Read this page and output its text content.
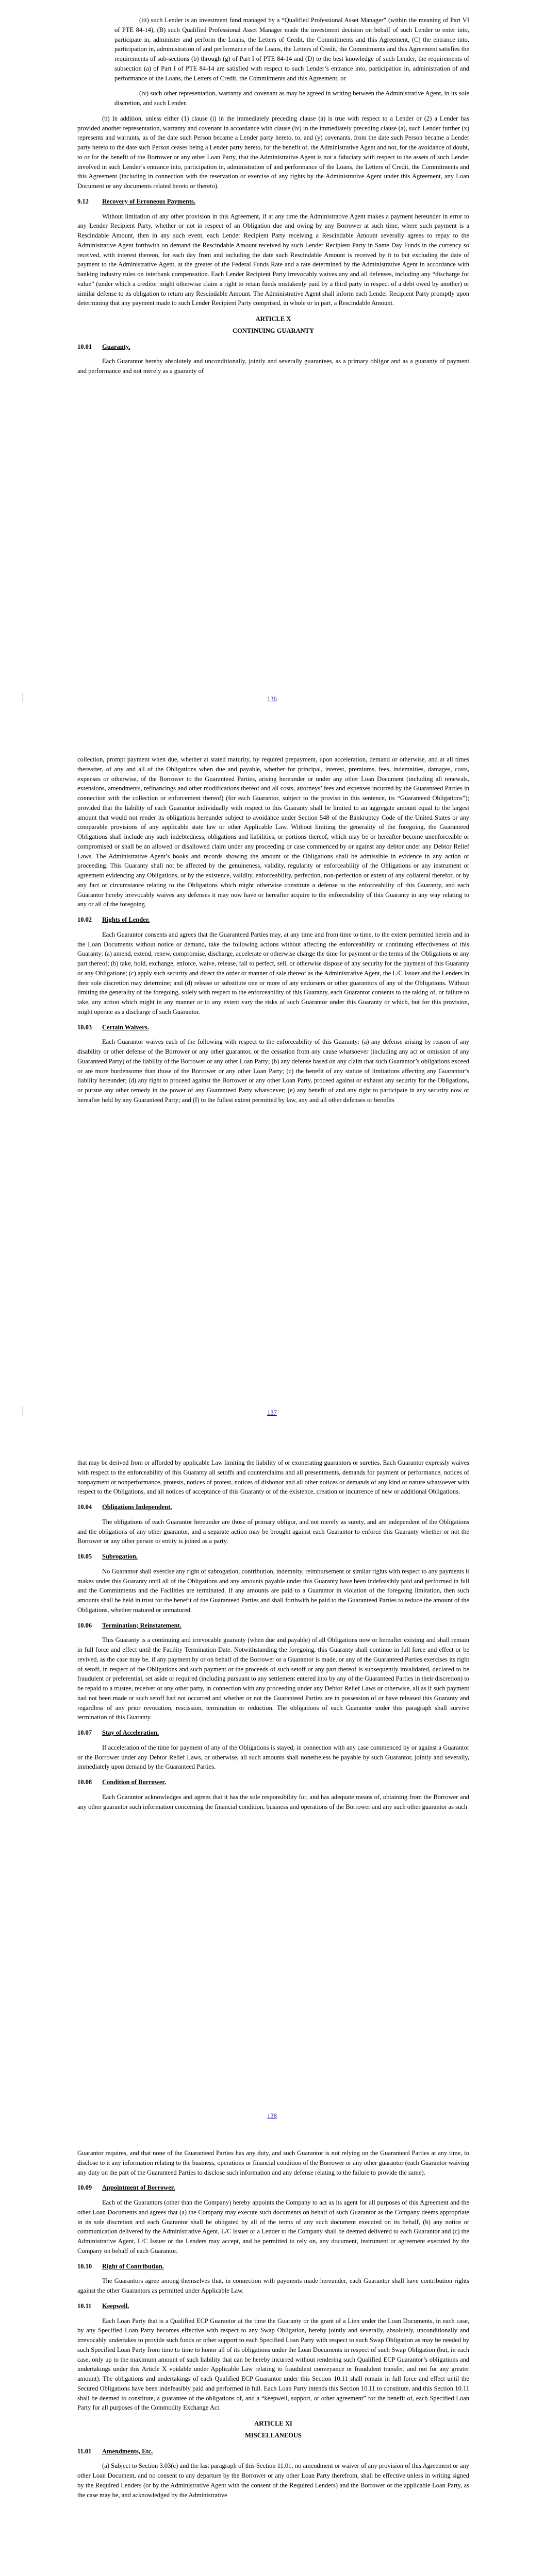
(iii) such Lender is an investment fund managed by a “Qualified Professional Asset Manager” (within the meaning of Part VI of PTE 84-14), (B) such Qualified Professional Asset Manager made the investment decision on behalf of such Lender to enter into, participate in, administer and perform the Loans, the Letters of Credit, the Commitments and this Agreement, (C) the entrance into, participation in, administration of and performance of the Loans, the Letters of Credit, the Commitments and this Agreement satisfies the requirements of sub-sections (b) through (g) of Part I of PTE 84-14 and (D) to the best knowledge of such Lender, the requirements of subsection (a) of Part I of PTE 84-14 are satisfied with respect to such Lender’s entrance into, participation in, administration of and performance of the Loans, the Letters of Credit, the Commitments and this Agreement, or

(iv) such other representation, warranty and covenant as may be agreed in writing between the Administrative Agent, in its sole discretion, and such Lender.

(b) In addition, unless either (1) clause (i) in the immediately preceding clause (a) is true with respect to a Lender or (2) a Lender has provided another representation, warranty and covenant in accordance with clause (iv) in the immediately preceding clause (a), such Lender further (x) represents and warrants, as of the date such Person became a Lender party hereto, to, and (y) covenants, from the date such Person became a Lender party hereto to the date such Person ceases being a Lender party hereto, for the benefit of, the Administrative Agent and not, for the avoidance of doubt, to or for the benefit of the Borrower or any other Loan Party, that the Administrative Agent is not a fiduciary with respect to the assets of such Lender involved in such Lender’s entrance into, participation in, administration of and performance of the Loans, the Letters of Credit, the Commitments and this Agreement (including in connection with the reservation or exercise of any rights by the Administrative Agent under this Agreement, any Loan Document or any documents related hereto or thereto).

9.12 Recovery of Erroneous Payments.

Without limitation of any other provision in this Agreement, if at any time the Administrative Agent makes a payment hereunder in error to any Lender Recipient Party, whether or not in respect of an Obligation due and owing by any Borrower at such time, where such payment is a Rescindable Amount, then in any such event, each Lender Recipient Party receiving a Rescindable Amount severally agrees to repay to the Administrative Agent forthwith on demand the Rescindable Amount received by such Lender Recipient Party in Same Day Funds in the currency so received, with interest thereon, for each day from and including the date such Rescindable Amount is received by it to but excluding the date of payment to the Administrative Agent, at the greater of the Federal Funds Rate and a rate determined by the Administrative Agent in accordance with banking industry rules on interbank compensation. Each Lender Recipient Party irrevocably waives any and all defenses, including any “discharge for value” (under which a creditor might otherwise claim a right to retain funds mistakenly paid by a third party in respect of a debt owed by another) or similar defense to its obligation to return any Rescindable Amount. The Administrative Agent shall inform each Lender Recipient Party promptly upon determining that any payment made to such Lender Recipient Party comprised, in whole or in part, a Rescindable Amount.

ARTICLE X
CONTINUING GUARANTY
10.01 Guaranty.

Each Guarantor hereby absolutely and unconditionally, jointly and severally guarantees, as a primary obligor and as a guaranty of payment and performance and not merely as a guaranty of

136

collection, prompt payment when due, whether at stated maturity, by required prepayment, upon acceleration, demand or otherwise, and at all times thereafter, of any and all of the Obligations when due and payable, whether for principal, interest, premiums, fees, indemnities, damages, costs, expenses or otherwise, of the Borrower to the Guaranteed Parties, arising hereunder or under any other Loan Document (including all renewals, extensions, amendments, refinancings and other modifications thereof and all costs, attorneys’ fees and expenses incurred by the Guaranteed Parties in connection with the collection or enforcement thereof) (for each Guarantor, subject to the proviso in this sentence, its “Guaranteed Obligations”); provided that the liability of each Guarantor individually with respect to this Guaranty shall be limited to an aggregate amount equal to the largest amount that would not render its obligations hereunder subject to avoidance under Section 548 of the Bankruptcy Code of the United States or any comparable provisions of any applicable state law or other Applicable Law. Without limiting the generality of the foregoing, the Guaranteed Obligations shall include any such indebtedness, obligations and liabilities, or portions thereof, which may be or hereafter become unenforceable or compromised or shall be an allowed or disallowed claim under any proceeding or case commenced by or against any debtor under any Debtor Relief Laws. The Administrative Agent’s books and records showing the amount of the Obligations shall be admissible in evidence in any action or proceeding. This Guaranty shall not be affected by the genuineness, validity, regularity or enforceability of the Obligations or any instrument or agreement evidencing any Obligations, or by the existence, validity, enforceability, perfection, non-perfection or extent of any collateral therefor, or by any fact or circumstance relating to the Obligations which might otherwise constitute a defense to the enforceability of this Guaranty, and each Guarantor hereby irrevocably waives any defenses it may now have or hereafter acquire to the enforceability of this Guaranty in any way relating to any or all of the foregoing.

10.02 Rights of Lender.

Each Guarantor consents and agrees that the Guaranteed Parties may, at any time and from time to time, to the extent permitted herein and in the Loan Documents without notice or demand, take the following actions without affecting the enforceability or continuing effectiveness of this Guaranty: (a) amend, extend, renew, compromise, discharge, accelerate or otherwise change the time for payment or the terms of the Obligations or any part thereof; (b) take, hold, exchange, enforce, waive, release, fail to perfect, sell, or otherwise dispose of any security for the payment of this Guaranty or any Obligations; (c) apply such security and direct the order or manner of sale thereof as the Administrative Agent, the L/C Issuer and the Lenders in their sole discretion may determine; and (d) release or substitute one or more of any endorsers or other guarantors of any of the Obligations. Without limiting the generality of the foregoing, solely with respect to the enforceability of this Guaranty, each Guarantor consents to the taking of, or failure to take, any action which might in any manner or to any extent vary the risks of such Guarantor under this Guaranty or which, but for this provision, might operate as a discharge of such Guarantor.

10.03 Certain Waivers.

Each Guarantor waives each of the following with respect to the enforceability of this Guaranty: (a) any defense arising by reason of any disability or other defense of the Borrower or any other guarantor, or the cessation from any cause whatsoever (including any act or omission of any Guaranteed Party) of the liability of the Borrower or any other Loan Party; (b) any defense based on any claim that such Guarantor’s obligations exceed or are more burdensome than those of the Borrower or any other Loan Party; (c) the benefit of any statute of limitations affecting any Guarantor’s liability hereunder; (d) any right to proceed against the Borrower or any other Loan Party, proceed against or exhaust any security for the Obligations, or pursue any other remedy in the power of any Guaranteed Party whatsoever; (e) any benefit of and any right to participate in any security now or hereafter held by any Guaranteed Party; and (f) to the fullest extent permitted by law, any and all other defenses or benefits

137

that may be derived from or afforded by applicable Law limiting the liability of or exonerating guarantors or sureties. Each Guarantor expressly waives with respect to the enforceability of this Guaranty all setoffs and counterclaims and all presentments, demands for payment or performance, notices of nonpayment or nonperformance, protests, notices of protest, notices of dishonor and all other notices or demands of any kind or nature whatsoever with respect to the Obligations, and all notices of acceptance of this Guaranty or of the existence, creation or incurrence of new or additional Obligations.

10.04 Obligations Independent.

The obligations of each Guarantor hereunder are those of primary obligor, and not merely as surety, and are independent of the Obligations and the obligations of any other guarantor, and a separate action may be brought against each Guarantor to enforce this Guaranty whether or not the Borrower or any other person or entity is joined as a party.

10.05 Subrogation.

No Guarantor shall exercise any right of subrogation, contribution, indemnity, reimbursement or similar rights with respect to any payments it makes under this Guaranty until all of the Obligations and any amounts payable under this Guaranty have been indefeasibly paid and performed in full and the Commitments and the Facilities are terminated. If any amounts are paid to a Guarantor in violation of the foregoing limitation, then such amounts shall be held in trust for the benefit of the Guaranteed Parties and shall forthwith be paid to the Guaranteed Parties to reduce the amount of the Obligations, whether matured or unmatured.

10.06 Termination; Reinstatement.

This Guaranty is a continuing and irrevocable guaranty (when due and payable) of all Obligations now or hereafter existing and shall remain in full force and effect until the Facility Termination Date. Notwithstanding the foregoing, this Guaranty shall continue in full force and effect or be revived, as the case may be, if any payment by or on behalf of the Borrower or a Guarantor is made, or any of the Guaranteed Parties exercises its right of setoff, in respect of the Obligations and such payment or the proceeds of such setoff or any part thereof is subsequently invalidated, declared to be fraudulent or preferential, set aside or required (including pursuant to any settlement entered into by any of the Guaranteed Parties in their discretion) to be repaid to a trustee, receiver or any other party, in connection with any proceeding under any Debtor Relief Laws or otherwise, all as if such payment had not been made or such setoff had not occurred and whether or not the Guaranteed Parties are in possession of or have released this Guaranty and regardless of any prior revocation, rescission, termination or reduction. The obligations of each Guarantor under this paragraph shall survive termination of this Guaranty.

10.07 Stay of Acceleration.

If acceleration of the time for payment of any of the Obligations is stayed, in connection with any case commenced by or against a Guarantor or the Borrower under any Debtor Relief Laws, or otherwise, all such amounts shall nonetheless be payable by such Guarantor, jointly and severally, immediately upon demand by the Guaranteed Parties.

10.08 Condition of Borrower.

Each Guarantor acknowledges and agrees that it has the sole responsibility for, and has adequate means of, obtaining from the Borrower and any other guarantor such information concerning the financial condition, business and operations of the Borrower and any such other guarantor as such

138

Guarantor requires, and that none of the Guaranteed Parties has any duty, and such Guarantor is not relying on the Guaranteed Parties at any time, to disclose to it any information relating to the business, operations or financial condition of the Borrower or any other guarantor (each Guarantor waiving any duty on the part of the Guaranteed Parties to disclose such information and any defense relating to the failure to provide the same).

10.09 Appointment of Borrower.

Each of the Guarantors (other than the Company) hereby appoints the Company to act as its agent for all purposes of this Agreement and the other Loan Documents and agrees that (a) the Company may execute such documents on behalf of such Guarantor as the Company deems appropriate in its sole discretion and each Guarantor shall be obligated by all of the terms of any such document executed on its behalf, (b) any notice or communication delivered by the Administrative Agent, L/C Issuer or a Lender to the Company shall be deemed delivered to each Guarantor and (c) the Administrative Agent, L/C Issuer or the Lenders may accept, and be permitted to rely on, any document, instrument or agreement executed by the Company on behalf of each Guarantor.

10.10 Right of Contribution.

The Guarantors agree among themselves that, in connection with payments made hereunder, each Guarantor shall have contribution rights against the other Guarantors as permitted under Applicable Law.

10.11 Keepwell.

Each Loan Party that is a Qualified ECP Guarantor at the time the Guaranty or the grant of a Lien under the Loan Documents, in each case, by any Specified Loan Party becomes effective with respect to any Swap Obligation, hereby jointly and severally, absolutely, unconditionally and irrevocably undertakes to provide such funds or other support to each Specified Loan Party with respect to such Swap Obligation as may be needed by such Specified Loan Party from time to time to honor all of its obligations under the Loan Documents in respect of such Swap Obligation (but, in each case, only up to the maximum amount of such liability that can be hereby incurred without rendering such Qualified ECP Guarantor’s obligations and undertakings under this Article X voidable under Applicable Law relating to fraudulent conveyance or fraudulent transfer, and not for any greater amount). The obligations and undertakings of each Qualified ECP Guarantor under this Section 10.11 shall remain in full force and effect until the Secured Obligations have been indefeasibly paid and performed in full. Each Loan Party intends this Section 10.11 to constitute, and this Section 10.11 shall be deemed to constitute, a guarantee of the obligations of, and a “keepwell, support, or other agreement” for the benefit of, each Specified Loan Party for all purposes of the Commodity Exchange Act.

ARTICLE XI
MISCELLANEOUS
11.01 Amendments, Etc.

(a) Subject to Section 3.03(c) and the last paragraph of this Section 11.01, no amendment or waiver of any provision of this Agreement or any other Loan Document, and no consent to any departure by the Borrower or any other Loan Party therefrom, shall be effective unless in writing signed by the Required Lenders (or by the Administrative Agent with the consent of the Required Lenders) and the Borrower or the applicable Loan Party, as the case may be, and acknowledged by the Administrative
